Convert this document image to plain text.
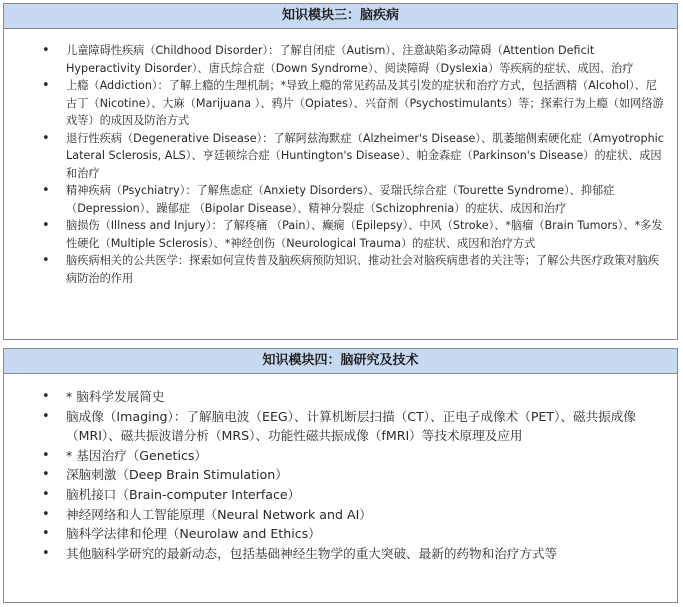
知识模块三：脑疾病
• 儿童障碍性疾病（Childhood Disorder）：了解自闭症（Autism）、注意缺陷多动障碍（Attention Deficit Hyperactivity Disorder）、唐氏综合症（Down Syndrome）、阅读障碍（Dyslexia）等疾病的症状、成因、治疗
• 上瘾（Addiction）：了解上瘾的生理机制；*导致上瘾的常见药品及其引发的症状和治疗方式，包括酒精（Alcohol）、尼古丁（Nicotine）、大麻（Marijuana ）、鸦片（Opiates）、兴奋剂（Psychostimulants）等；探索行为上瘾（如网络游戏等）的成因及防治方式
• 退行性疾病（Degenerative Disease）：了解阿兹海默症（Alzheimer's Disease）、肌萎缩侧索硬化症（Amyotrophic Lateral Sclerosis, ALS）、亨廷顿综合症（Huntington's Disease）、帕金森症（Parkinson's Disease）的症状、成因和治疗
• 精神疾病（Psychiatry）：了解焦虑症（Anxiety Disorders）、妥瑞氏综合症（Tourette Syndrome）、抑郁症（Depression）、躁郁症 （Bipolar Disease）、精神分裂症（Schizophrenia）的症状、成因和治疗
• 脑损伤（Illness and Injury）：了解疼痛 （Pain）、癫痫（Epilepsy）、中风（Stroke）、*脑瘤（Brain Tumors）、*多发性硬化（Multiple Sclerosis）、*神经创伤（Neurological Trauma）的症状、成因和治疗方式
• 脑疾病相关的公共医学：探索如何宣传普及脑疾病预防知识、推动社会对脑疾病患者的关注等；了解公共医疗政策对脑疾病防治的作用
知识模块四：脑研究及技术
• * 脑科学发展简史
• 脑成像（Imaging）：了解脑电波（EEG）、计算机断层扫描（CT）、正电子成像术（PET）、磁共振成像（MRI）、磁共振波谱分析（MRS）、功能性磁共振成像（fMRI）等技术原理及应用
• * 基因治疗（Genetics）
• 深脑刺激（Deep Brain Stimulation）
• 脑机接口（Brain-computer Interface）
• 神经网络和人工智能原理（Neural Network and AI）
• 脑科学法律和伦理（Neurolaw and Ethics）
• 其他脑科学研究的最新动态，包括基础神经生物学的重大突破、最新的药物和治疗方式等
